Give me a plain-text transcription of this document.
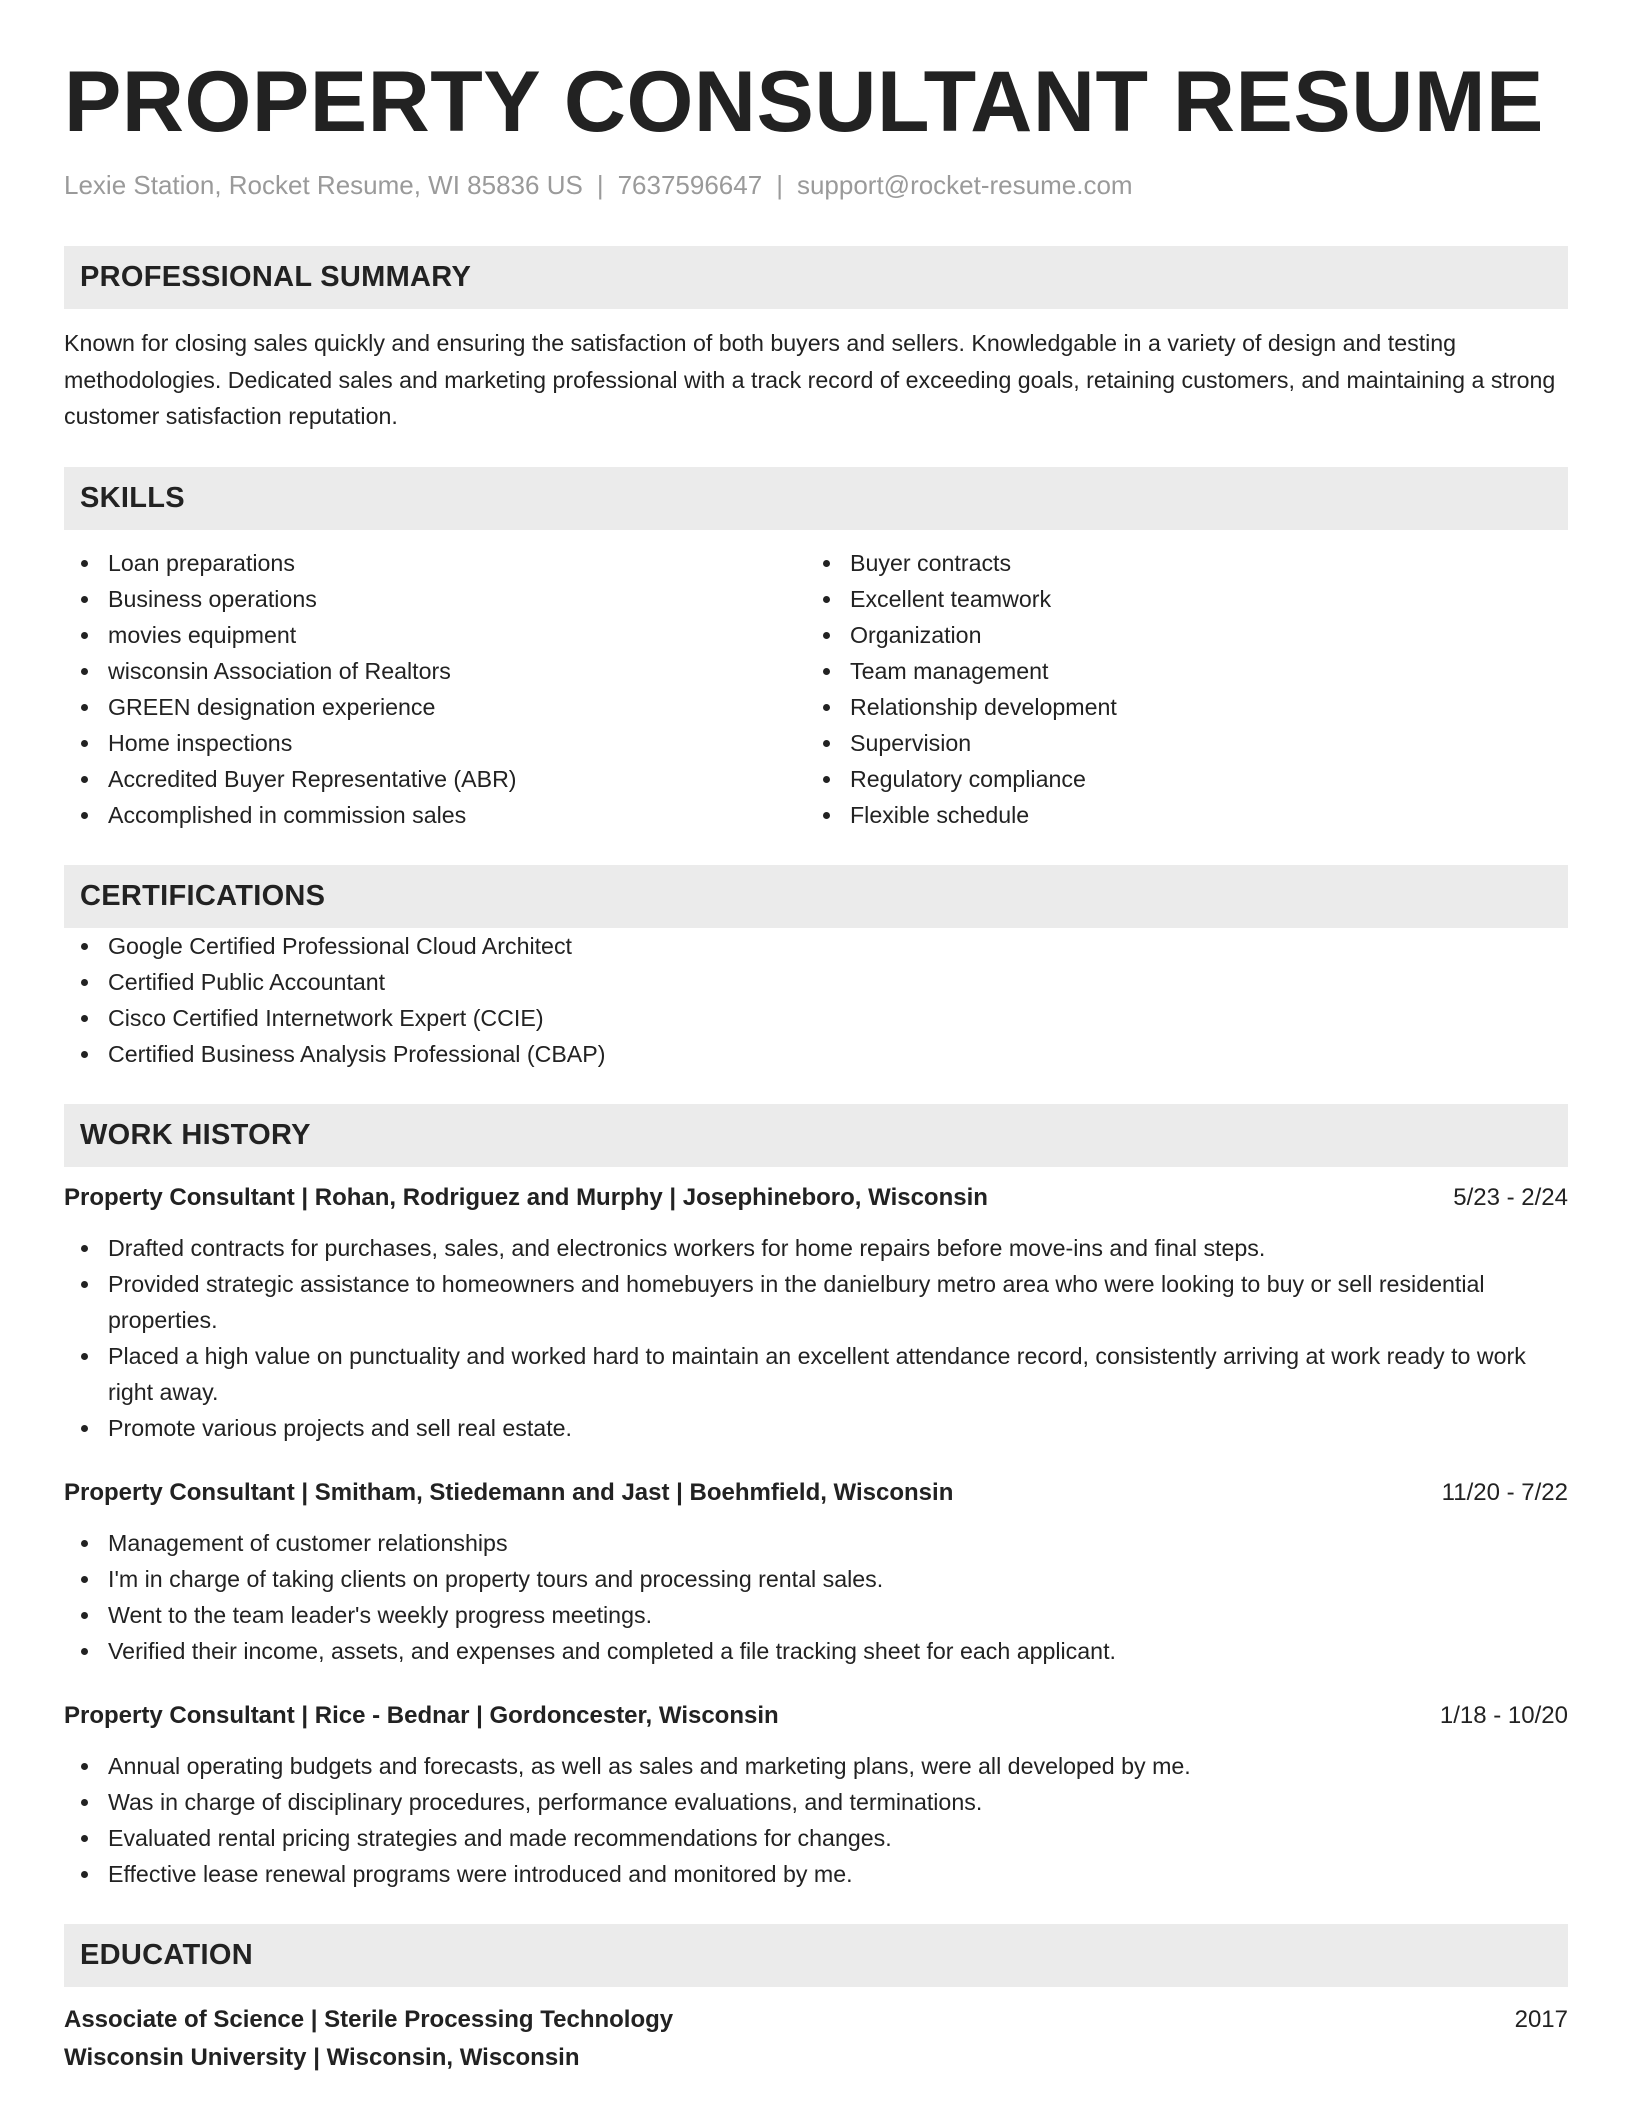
PROPERTY CONSULTANT RESUME
Lexie Station, Rocket Resume, WI 85836 US | 7637596647 | support@rocket-resume.com
PROFESSIONAL SUMMARY
Known for closing sales quickly and ensuring the satisfaction of both buyers and sellers. Knowledgable in a variety of design and testing methodologies. Dedicated sales and marketing professional with a track record of exceeding goals, retaining customers, and maintaining a strong customer satisfaction reputation.
SKILLS
Loan preparations
Business operations
movies equipment
wisconsin Association of Realtors
GREEN designation experience
Home inspections
Accredited Buyer Representative (ABR)
Accomplished in commission sales
Buyer contracts
Excellent teamwork
Organization
Team management
Relationship development
Supervision
Regulatory compliance
Flexible schedule
CERTIFICATIONS
Google Certified Professional Cloud Architect
Certified Public Accountant
Cisco Certified Internetwork Expert (CCIE)
Certified Business Analysis Professional (CBAP)
WORK HISTORY
Property Consultant | Rohan, Rodriguez and Murphy | Josephineboro, Wisconsin	5/23 - 2/24
Drafted contracts for purchases, sales, and electronics workers for home repairs before move-ins and final steps.
Provided strategic assistance to homeowners and homebuyers in the danielbury metro area who were looking to buy or sell residential properties.
Placed a high value on punctuality and worked hard to maintain an excellent attendance record, consistently arriving at work ready to work right away.
Promote various projects and sell real estate.
Property Consultant | Smitham, Stiedemann and Jast | Boehmfield, Wisconsin	11/20 - 7/22
Management of customer relationships
I'm in charge of taking clients on property tours and processing rental sales.
Went to the team leader's weekly progress meetings.
Verified their income, assets, and expenses and completed a file tracking sheet for each applicant.
Property Consultant | Rice - Bednar | Gordoncester, Wisconsin	1/18 - 10/20
Annual operating budgets and forecasts, as well as sales and marketing plans, were all developed by me.
Was in charge of disciplinary procedures, performance evaluations, and terminations.
Evaluated rental pricing strategies and made recommendations for changes.
Effective lease renewal programs were introduced and monitored by me.
EDUCATION
Associate of Science | Sterile Processing Technology	2017
Wisconsin University | Wisconsin, Wisconsin
